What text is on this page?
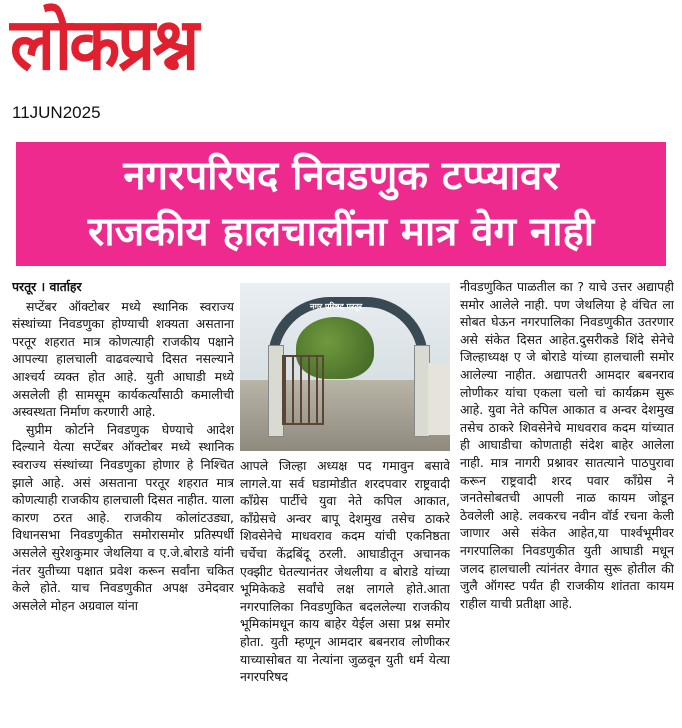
लोकप्रश्न
11JUN2025
नगरपरिषद निवडणुक टप्प्यावर
राजकीय हालचालींना मात्र वेग नाही

परतूर । वार्ताहर

सप्टेंबर ऑक्टोबर मध्ये स्थानिक स्वराज्य संस्थांच्या निवडणुका होण्याची शक्यता असताना परतूर शहरात मात्र कोणत्याही राजकीय पक्षाने आपल्या हालचाली वाढवल्याचे दिसत नसल्याने आश्चर्य व्यक्त होत आहे. युती आघाडी मध्ये असलेली ही सामसूम कार्यकर्त्यांसाठी कमालीची अस्वस्थता निर्माण करणारी आहे.

सुप्रीम कोर्टाने निवडणुक घेण्याचे आदेश दिल्याने येत्या सप्टेंबर ऑक्टोबर मध्ये स्थानिक स्वराज्य संस्थांच्या निवडणुका होणार हे निश्चित झाले आहे. असं असताना परतूर शहरात मात्र कोणत्याही राजकीय हालचाली दिसत नाहीत. याला कारण ठरत आहे. राजकीय कोलांटउड्या, विधानसभा निवडणुकीत समोरासमोर प्रतिस्पर्धी असलेले सुरेशकुमार जेथलिया व ए.जे.बोराडे यांनी नंतर युतीच्या पक्षात प्रवेश करून सर्वांना चकित केले होते. याच निवडणुकीत अपक्ष उमेदवार असलेले मोहन अग्रवाल यांना

नगर परिषद परतूर

आपले जिल्हा अध्यक्ष पद गमावुन बसावे लागले.या सर्व घडामोडीत शरदपवार राष्ट्रवादी कॉंग्रेस पार्टीचे युवा नेते कपिल आकात, कॉंग्रेसचे अन्वर बापू देशमुख तसेच ठाकरे शिवसेनेचे माधवराव कदम यांची एकनिष्ठता चर्चेचा केंद्रबिंदू ठरली. आघाडीतून अचानक एक्झीट घेतल्यानंतर जेथलीया व बोराडे यांच्या भूमिकेकडे सर्वांचे लक्ष लागले होते.आता नगरपालिका निवडणुकित बदललेल्या राजकीय भूमिकांमधून काय बाहेर येईल असा प्रश्न समोर होता. युती म्हणून आमदार बबनराव लोणीकर याच्यासोबत या नेत्यांना जुळवून युती धर्म येत्या नगरपरिषद

नीवडणुकित पाळतील का ? याचे उत्तर अद्यापही समोर आलेले नाही. पण जेथलिया हे वंचित ला सोबत घेऊन नगरपालिका निवडणुकीत उतरणार असे संकेत दिसत आहेत.दुसरीकडे शिंदे सेनेचे जिल्हाध्यक्ष ए जे बोराडे यांच्या हालचाली समोर आलेल्या नाहीत. अद्यापतरी आमदार बबनराव लोणीकर यांचा एकला चलो चां कार्यक्रम सुरू आहे. युवा नेते कपिल आकात व अन्वर देशमुख तसेच ठाकरे शिवसेनेचे माधवराव कदम यांच्यात ही आघाडीचा कोणताही संदेश बाहेर आलेला नाही. मात्र नागरी प्रश्नावर सातत्याने पाठपुरावा करून राष्ट्रवादी शरद पवार कॉंग्रेस ने जनतेसोबतची आपली नाळ कायम जोडून ठेवलेली आहे. लवकरच नवीन वॉर्ड रचना केली जाणार असे संकेत आहेत,या पार्श्वभूमीवर नगरपालिका निवडणुकीत युती आघाडी मधून जलद हालचाली त्यांनंतर वेगात सुरू होतील की जुलै ऑगस्ट पर्यंत ही राजकीय शांतता कायम राहील याची प्रतीक्षा आहे.
